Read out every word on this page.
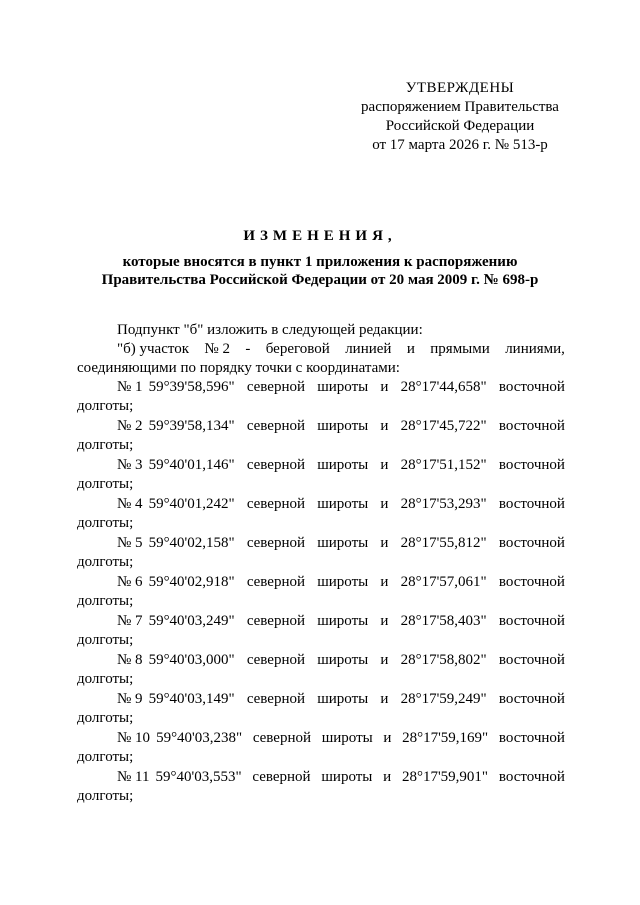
УТВЕРЖДЕНЫ
распоряжением Правительства
Российской Федерации
от 17 марта 2026 г. № 513-р
ИЗМЕНЕНИЯ,
которые вносятся в пункт 1 приложения к распоряжению
Правительства Российской Федерации от 20 мая 2009 г. № 698-р
Подпункт "б" изложить в следующей редакции:
"б) участок № 2 - береговой линией и прямыми линиями,
соединяющими по порядку точки с координатами:
№ 1 59°39'58,596" северной широты и 28°17'44,658" восточной
долготы;
№ 2 59°39'58,134" северной широты и 28°17'45,722" восточной
долготы;
№ 3 59°40'01,146" северной широты и 28°17'51,152" восточной
долготы;
№ 4 59°40'01,242" северной широты и 28°17'53,293" восточной
долготы;
№ 5 59°40'02,158" северной широты и 28°17'55,812" восточной
долготы;
№ 6 59°40'02,918" северной широты и 28°17'57,061" восточной
долготы;
№ 7 59°40'03,249" северной широты и 28°17'58,403" восточной
долготы;
№ 8 59°40'03,000" северной широты и 28°17'58,802" восточной
долготы;
№ 9 59°40'03,149" северной широты и 28°17'59,249" восточной
долготы;
№ 10 59°40'03,238" северной широты и 28°17'59,169" восточной
долготы;
№ 11 59°40'03,553" северной широты и 28°17'59,901" восточной
долготы;
